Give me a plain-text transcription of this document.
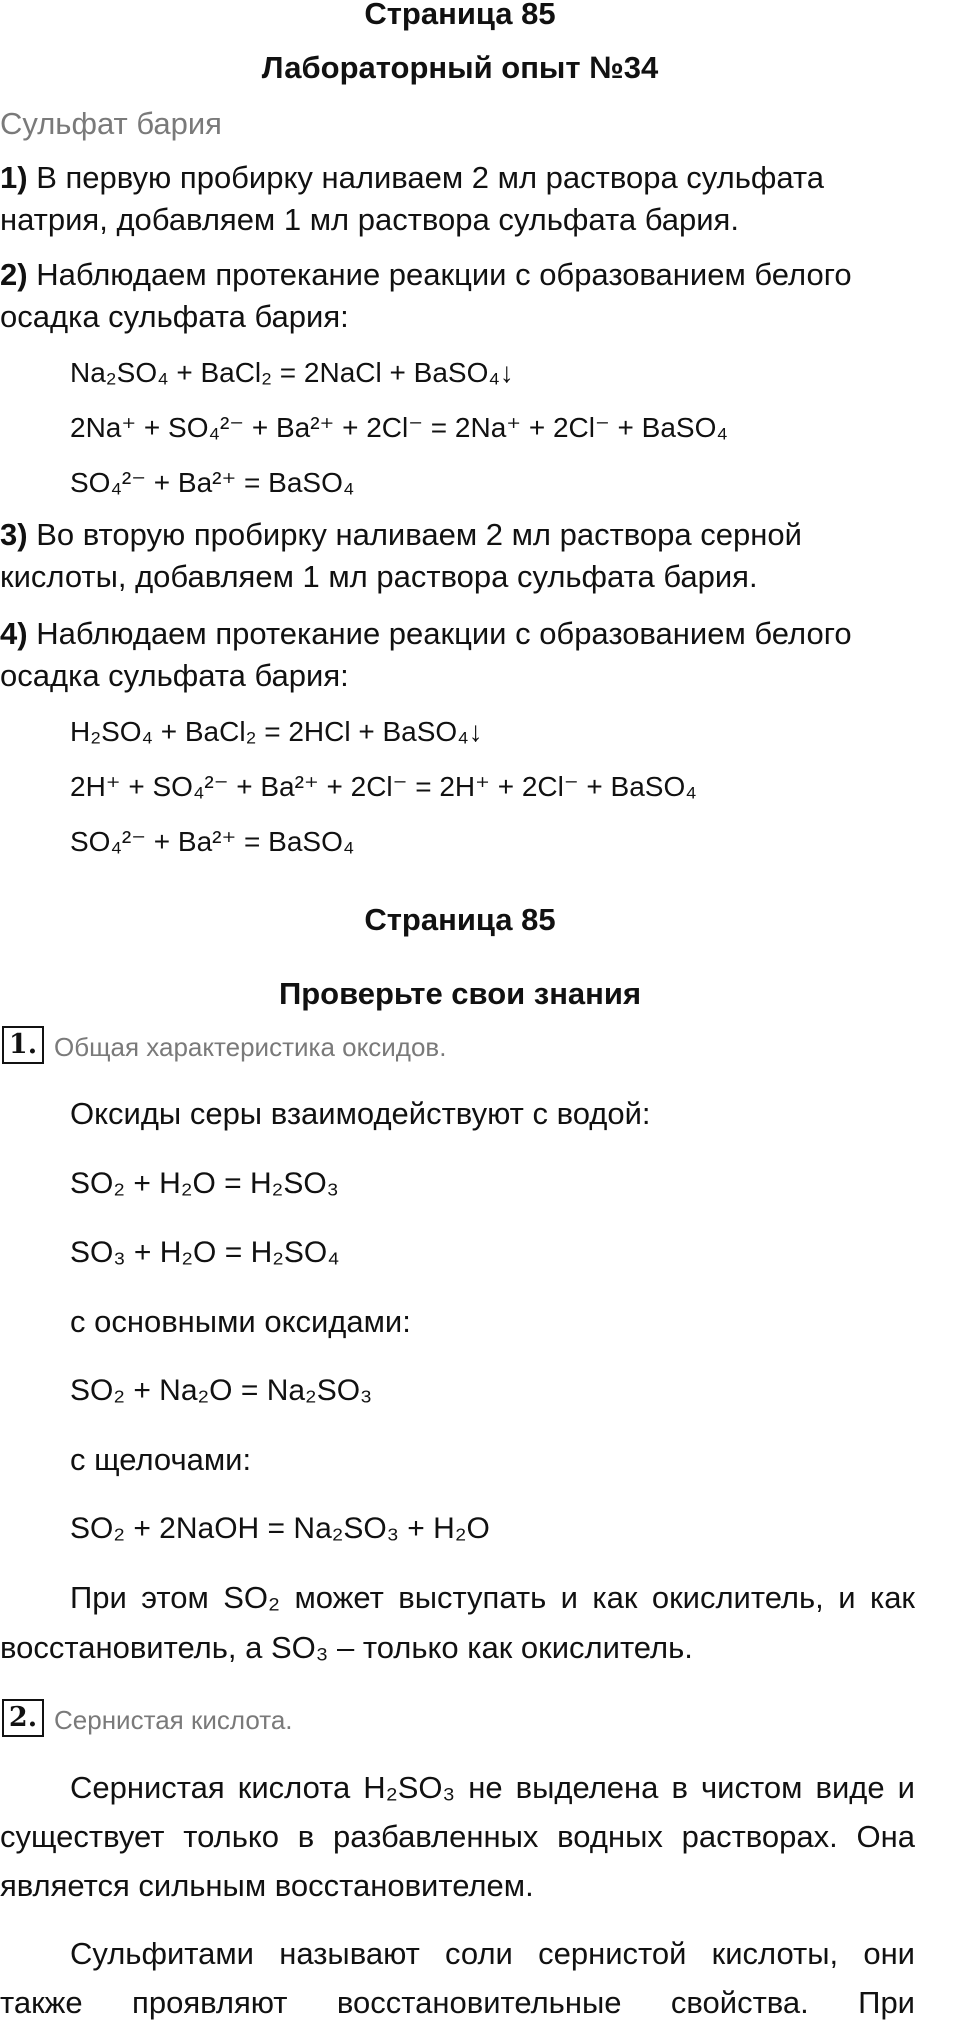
Страница 85
Лабораторный опыт №34
Сульфат бария
1) В первую пробирку наливаем 2 мл раствора сульфата
натрия, добавляем 1 мл раствора сульфата бария.
2) Наблюдаем протекание реакции с образованием белого
осадка сульфата бария:
Na₂SO₄ + BaCl₂ = 2NaCl + BaSO₄↓
2Na⁺ + SO₄²⁻ + Ba²⁺ + 2Cl⁻ = 2Na⁺ + 2Cl⁻ + BaSO₄
SO₄²⁻ + Ba²⁺ = BaSO₄
3) Во вторую пробирку наливаем 2 мл раствора серной
кислоты, добавляем 1 мл раствора сульфата бария.
4) Наблюдаем протекание реакции с образованием белого
осадка сульфата бария:
H₂SO₄ + BaCl₂ = 2HCl + BaSO₄↓
2H⁺ + SO₄²⁻ + Ba²⁺ + 2Cl⁻ = 2H⁺ + 2Cl⁻ + BaSO₄
SO₄²⁻ + Ba²⁺ = BaSO₄
Страница 85
Проверьте свои знания
1. Общая характеристика оксидов.
Оксиды серы взаимодействуют с водой:
SO₂ + H₂O = H₂SO₃
SO₃ + H₂O = H₂SO₄
с основными оксидами:
SO₂ + Na₂O = Na₂SO₃
с щелочами:
SO₂ + 2NaOH = Na₂SO₃ + H₂O
При этом SO₂ может выступать и как окислитель, и как
восстановитель, а SO₃ – только как окислитель.
2. Сернистая кислота.
Сернистая кислота H₂SO₃ не выделена в чистом виде и
существует только в разбавленных водных растворах. Она
является сильным восстановителем.
Сульфитами называют соли сернистой кислоты, они
также проявляют восстановительные свойства. При
